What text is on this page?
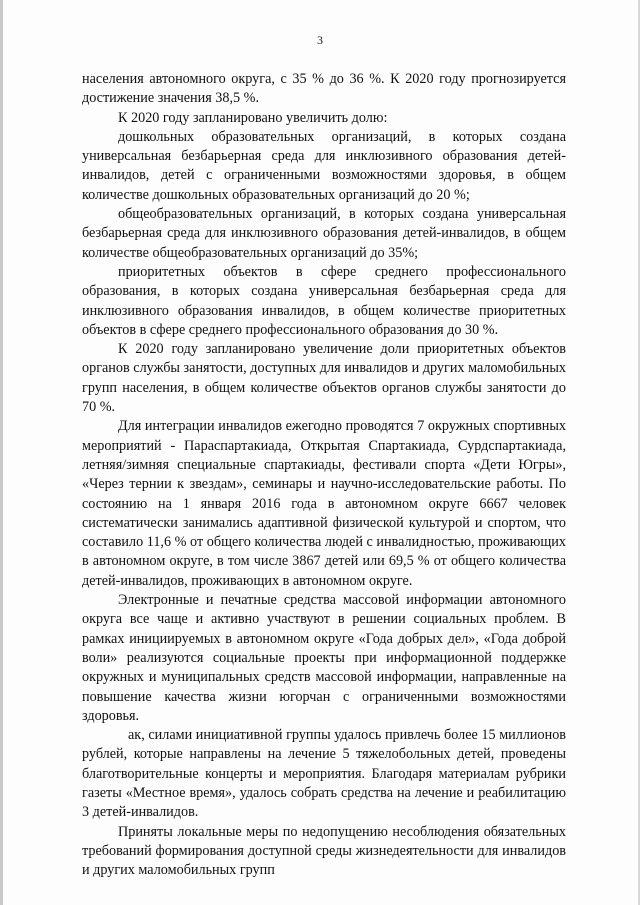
3

населения автономного округа, с 35 % до 36 %. К 2020 году прогнозируется достижение значения 38,5 %.

К 2020 году запланировано увеличить долю:

дошкольных образовательных организаций, в которых создана универсальная безбарьерная среда для инклюзивного образования детей-инвалидов, детей с ограниченными возможностями здоровья, в общем количестве дошкольных образовательных организаций до 20 %;

общеобразовательных организаций, в которых создана универсальная безбарьерная среда для инклюзивного образования детей-инвалидов, в общем количестве общеобразовательных организаций до 35%;

приоритетных объектов в сфере среднего профессионального образования, в которых создана универсальная безбарьерная среда для инклюзивного образования инвалидов, в общем количестве приоритетных объектов в сфере среднего профессионального образования до 30 %.

К 2020 году запланировано увеличение доли приоритетных объектов органов службы занятости, доступных для инвалидов и других маломобильных групп населения, в общем количестве объектов органов службы занятости до 70 %.

Для интеграции инвалидов ежегодно проводятся 7 окружных спортивных мероприятий - Параспартакиада, Открытая Спартакиада, Сурдспартакиада, летняя/зимняя специальные спартакиады, фестивали спорта «Дети Югры», «Через тернии к звездам», семинары и научно-исследовательские работы. По состоянию на 1 января 2016 года в автономном округе 6667 человек систематически занимались адаптивной физической культурой и спортом, что составило 11,6 % от общего количества людей с инвалидностью, проживающих в автономном округе, в том числе 3867 детей или 69,5 % от общего количества детей-инвалидов, проживающих в автономном округе.

Электронные и печатные средства массовой информации автономного округа все чаще и активно участвуют в решении социальных проблем. В рамках инициируемых в автономном округе «Года добрых дел», «Года доброй воли» реализуются социальные проекты при информационной поддержке окружных и муниципальных средств массовой информации, направленные на повышение качества жизни югорчан с ограниченными возможностями здоровья.

ак, силами инициативной группы удалось привлечь более 15 миллионов рублей, которые направлены на лечение 5 тяжелобольных детей, проведены благотворительные концерты и мероприятия. Благодаря материалам рубрики газеты «Местное время», удалось собрать средства на лечение и реабилитацию 3 детей-инвалидов.

Приняты локальные меры по недопущению несоблюдения обязательных требований формирования доступной среды жизнедеятельности для инвалидов и других маломобильных групп
